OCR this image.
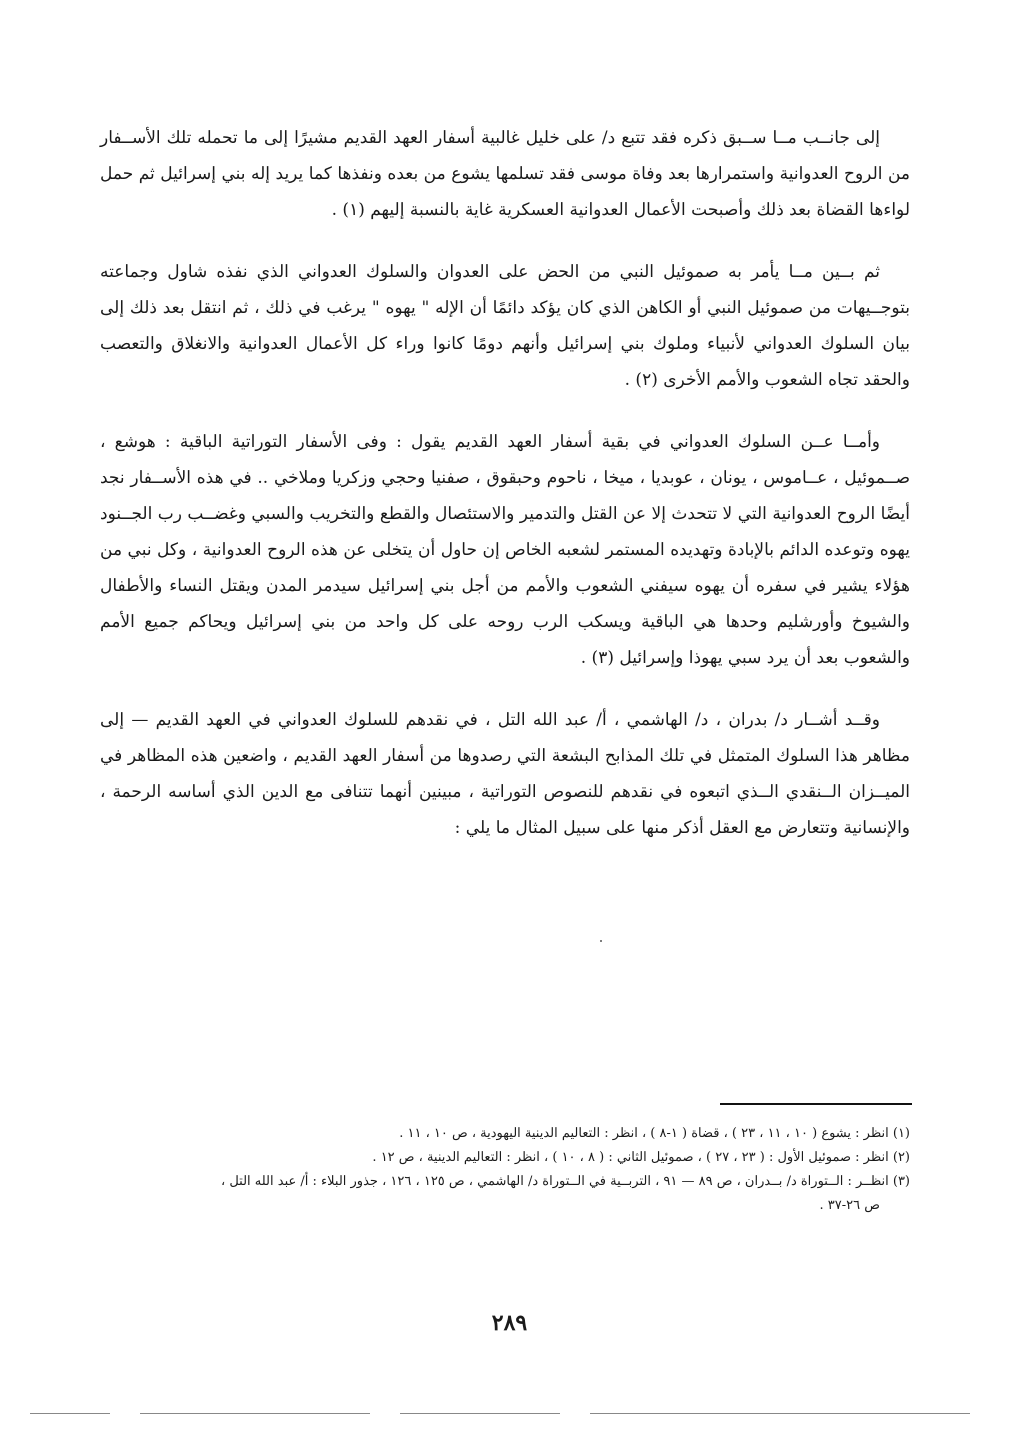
إلى جانــب مــا ســبق ذكره فقد تتبع د/ على خليل غالبية أسفار العهد القديم مشيرًا إلى ما تحمله تلك الأســفار من الروح العدوانية واستمرارها بعد وفاة موسى فقد تسلمها يشوع من بعده ونفذها كما يريد إله بني إسرائيل ثم حمل لواءها القضاة بعد ذلك وأصبحت الأعمال العدوانية العسكرية غاية بالنسبة إليهم (١) .

ثم بــين مــا يأمر به صموئيل النبي من الحض على العدوان والسلوك العدواني الذي نفذه شاول وجماعته بتوجــيهات من صموئيل النبي أو الكاهن الذي كان يؤكد دائمًا أن الإله " يهوه " يرغب في ذلك ، ثم انتقل بعد ذلك إلى بيان السلوك العدواني لأنبياء وملوك بني إسرائيل وأنهم دومًا كانوا وراء كل الأعمال العدوانية والانغلاق والتعصب والحقد تجاه الشعوب والأمم الأخرى (٢) .

وأمــا عــن السلوك العدواني في بقية أسفار العهد القديم يقول : وفى الأسفار التوراتية الباقية : هوشع ، صــموئيل ، عــاموس ، يونان ، عوبديا ، ميخا ، ناحوم وحبقوق ، صفنيا وحجي وزكريا وملاخي .. في هذه الأســفار نجد أيضًا الروح العدوانية التي لا تتحدث إلا عن القتل والتدمير والاستئصال والقطع والتخريب والسبي وغضــب رب الجــنود يهوه وتوعده الدائم بالإبادة وتهديده المستمر لشعبه الخاص إن حاول أن يتخلى عن هذه الروح العدوانية ، وكل نبي من هؤلاء يشير في سفره أن يهوه سيفني الشعوب والأمم من أجل بني إسرائيل سيدمر المدن ويقتل النساء والأطفال والشيوخ وأورشليم وحدها هي الباقية ويسكب الرب روحه على كل واحد من بني إسرائيل ويحاكم جميع الأمم والشعوب بعد أن يرد سبي يهوذا وإسرائيل (٣) .

وقــد أشــار د/ بدران ، د/ الهاشمي ، أ/ عبد الله التل ، في نقدهم للسلوك العدواني في العهد القديم — إلى مظاهر هذا السلوك المتمثل في تلك المذابح البشعة التي رصدوها من أسفار العهد القديم ، واضعين هذه المظاهر في الميــزان الــنقدي الــذي اتبعوه في نقدهم للنصوص التوراتية ، مبينين أنهما تتنافى مع الدين الذي أساسه الرحمة ، والإنسانية وتتعارض مع العقل أذكر منها على سبيل المثال ما يلي :

(١) انظر : يشوع ( ١٠ ، ١١ ، ٢٣ ) ، قضاة ( ١-٨ ) ، انظر : التعاليم الدينية اليهودية ، ص ١٠ ، ١١ .

(٢) انظر : صموئيل الأول : ( ٢٣ ، ٢٧ ) ، صموئيل الثاني : ( ٨ ، ١٠ ) ، انظر : التعاليم الدينية ، ص ١٢ .

(٣) انظــر : الــتوراة د/ بــدران ، ص ٨٩ — ٩١ ، التربــية في الــتوراة د/ الهاشمي ، ص ١٢٥ ، ١٢٦ ، جذور البلاء : أ/ عبد الله التل ،

ص ٢٦-٣٧ .

٢٨٩
